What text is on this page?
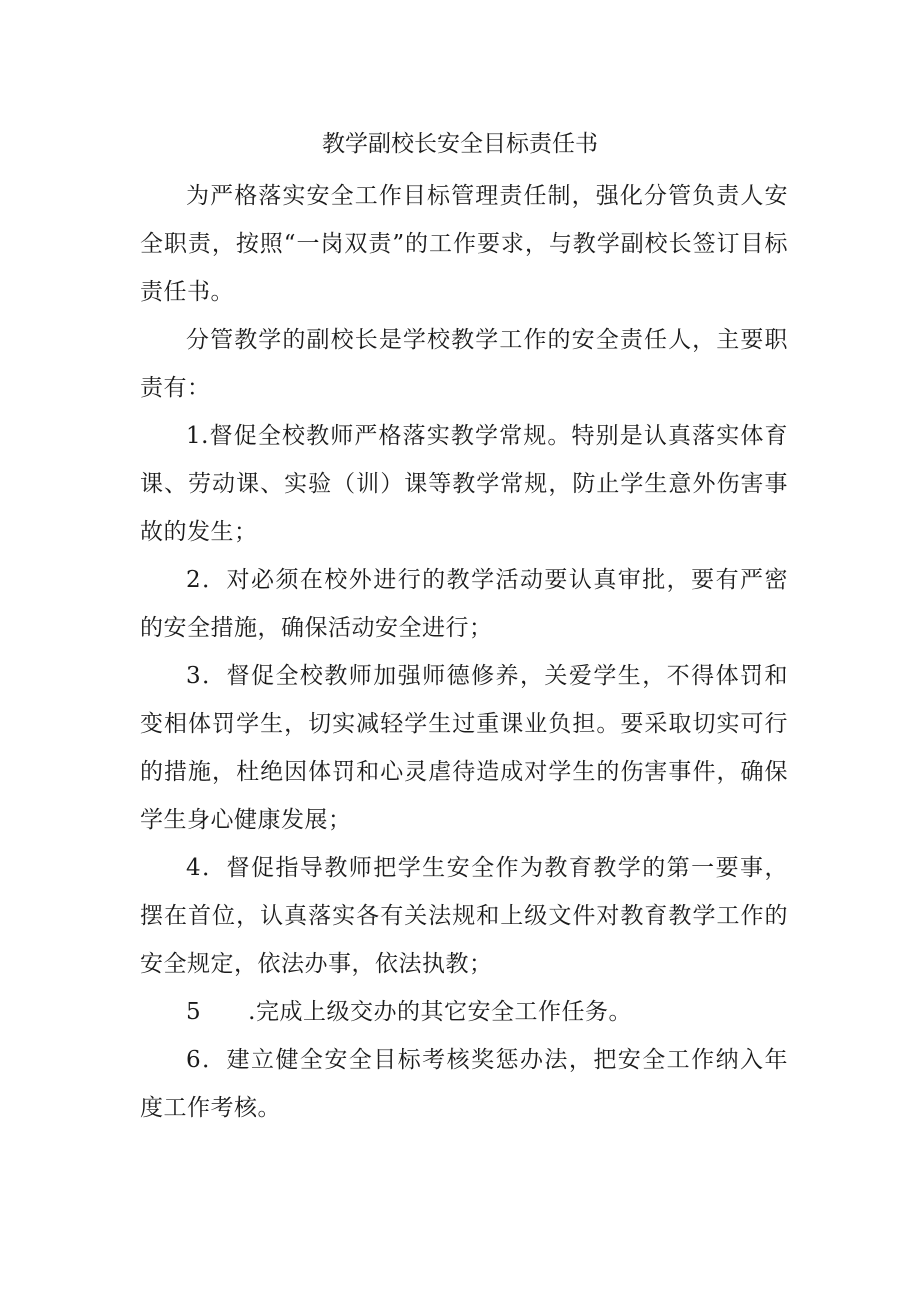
教学副校长安全目标责任书

为严格落实安全工作目标管理责任制，强化分管负责人安全职责，按照“一岗双责”的工作要求，与教学副校长签订目标责任书。

分管教学的副校长是学校教学工作的安全责任人，主要职责有：

1.督促全校教师严格落实教学常规。特别是认真落实体育课、劳动课、实验（训）课等教学常规，防止学生意外伤害事故的发生；

2．对必须在校外进行的教学活动要认真审批，要有严密的安全措施，确保活动安全进行；

3．督促全校教师加强师德修养，关爱学生，不得体罚和变相体罚学生，切实减轻学生过重课业负担。要采取切实可行的措施，杜绝因体罚和心灵虐待造成对学生的伤害事件，确保学生身心健康发展；

4．督促指导教师把学生安全作为教育教学的第一要事，摆在首位，认真落实各有关法规和上级文件对教育教学工作的安全规定，依法办事，依法执教；

5　　.完成上级交办的其它安全工作任务。

6．建立健全安全目标考核奖惩办法，把安全工作纳入年度工作考核。
